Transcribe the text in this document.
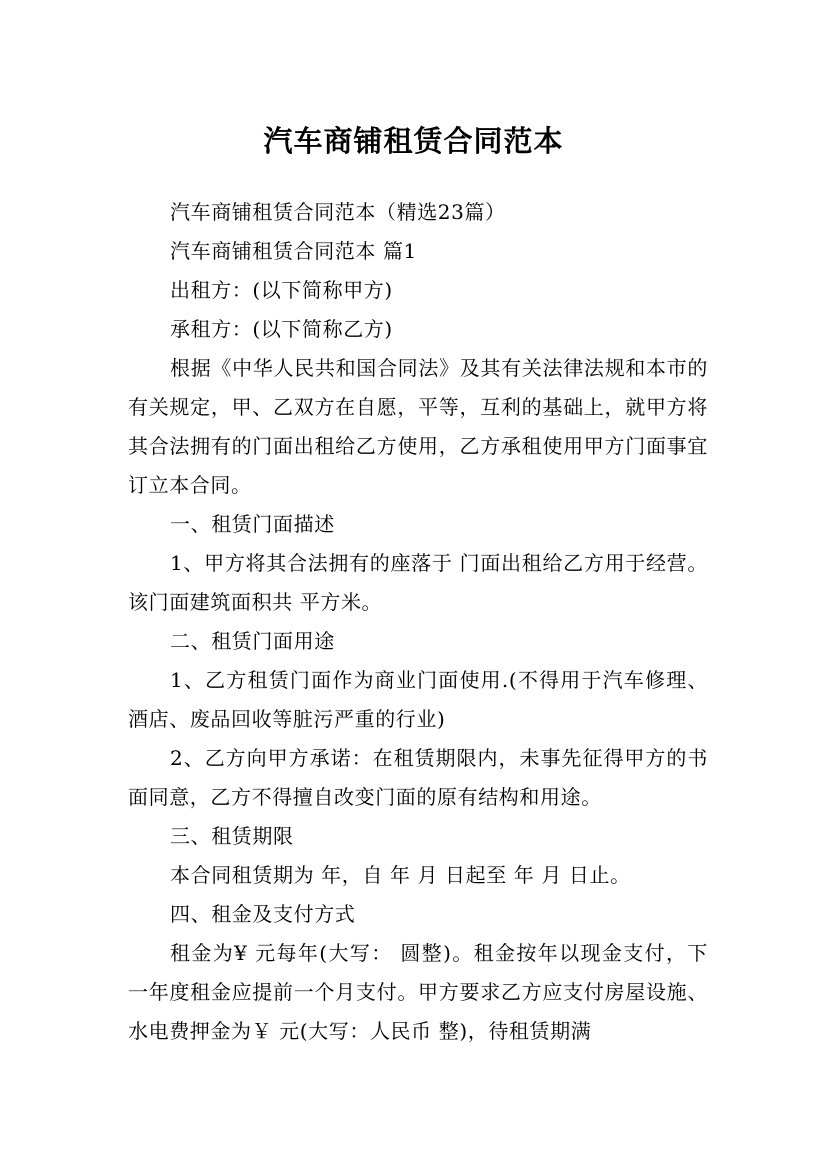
汽车商铺租赁合同范本

汽车商铺租赁合同范本（精选23篇）

汽车商铺租赁合同范本 篇1

出租方：(以下简称甲方)

承租方：(以下简称乙方)

根据《中华人民共和国合同法》及其有关法律法规和本市的有关规定，甲、乙双方在自愿，平等，互利的基础上，就甲方将其合法拥有的门面出租给乙方使用，乙方承租使用甲方门面事宜订立本合同。

一、租赁门面描述

1、甲方将其合法拥有的座落于 门面出租给乙方用于经营。该门面建筑面积共 平方米。

二、租赁门面用途

1、乙方租赁门面作为商业门面使用.(不得用于汽车修理、酒店、废品回收等脏污严重的行业)

2、乙方向甲方承诺：在租赁期限内，未事先征得甲方的书面同意，乙方不得擅自改变门面的原有结构和用途。

三、租赁期限

本合同租赁期为 年，自 年 月 日起至 年 月 日止。

四、租金及支付方式

租金为¥ 元每年(大写： 圆整)。租金按年以现金支付，下一年度租金应提前一个月支付。甲方要求乙方应支付房屋设施、水电费押金为￥ 元(大写：人民币 整)，待租赁期满
